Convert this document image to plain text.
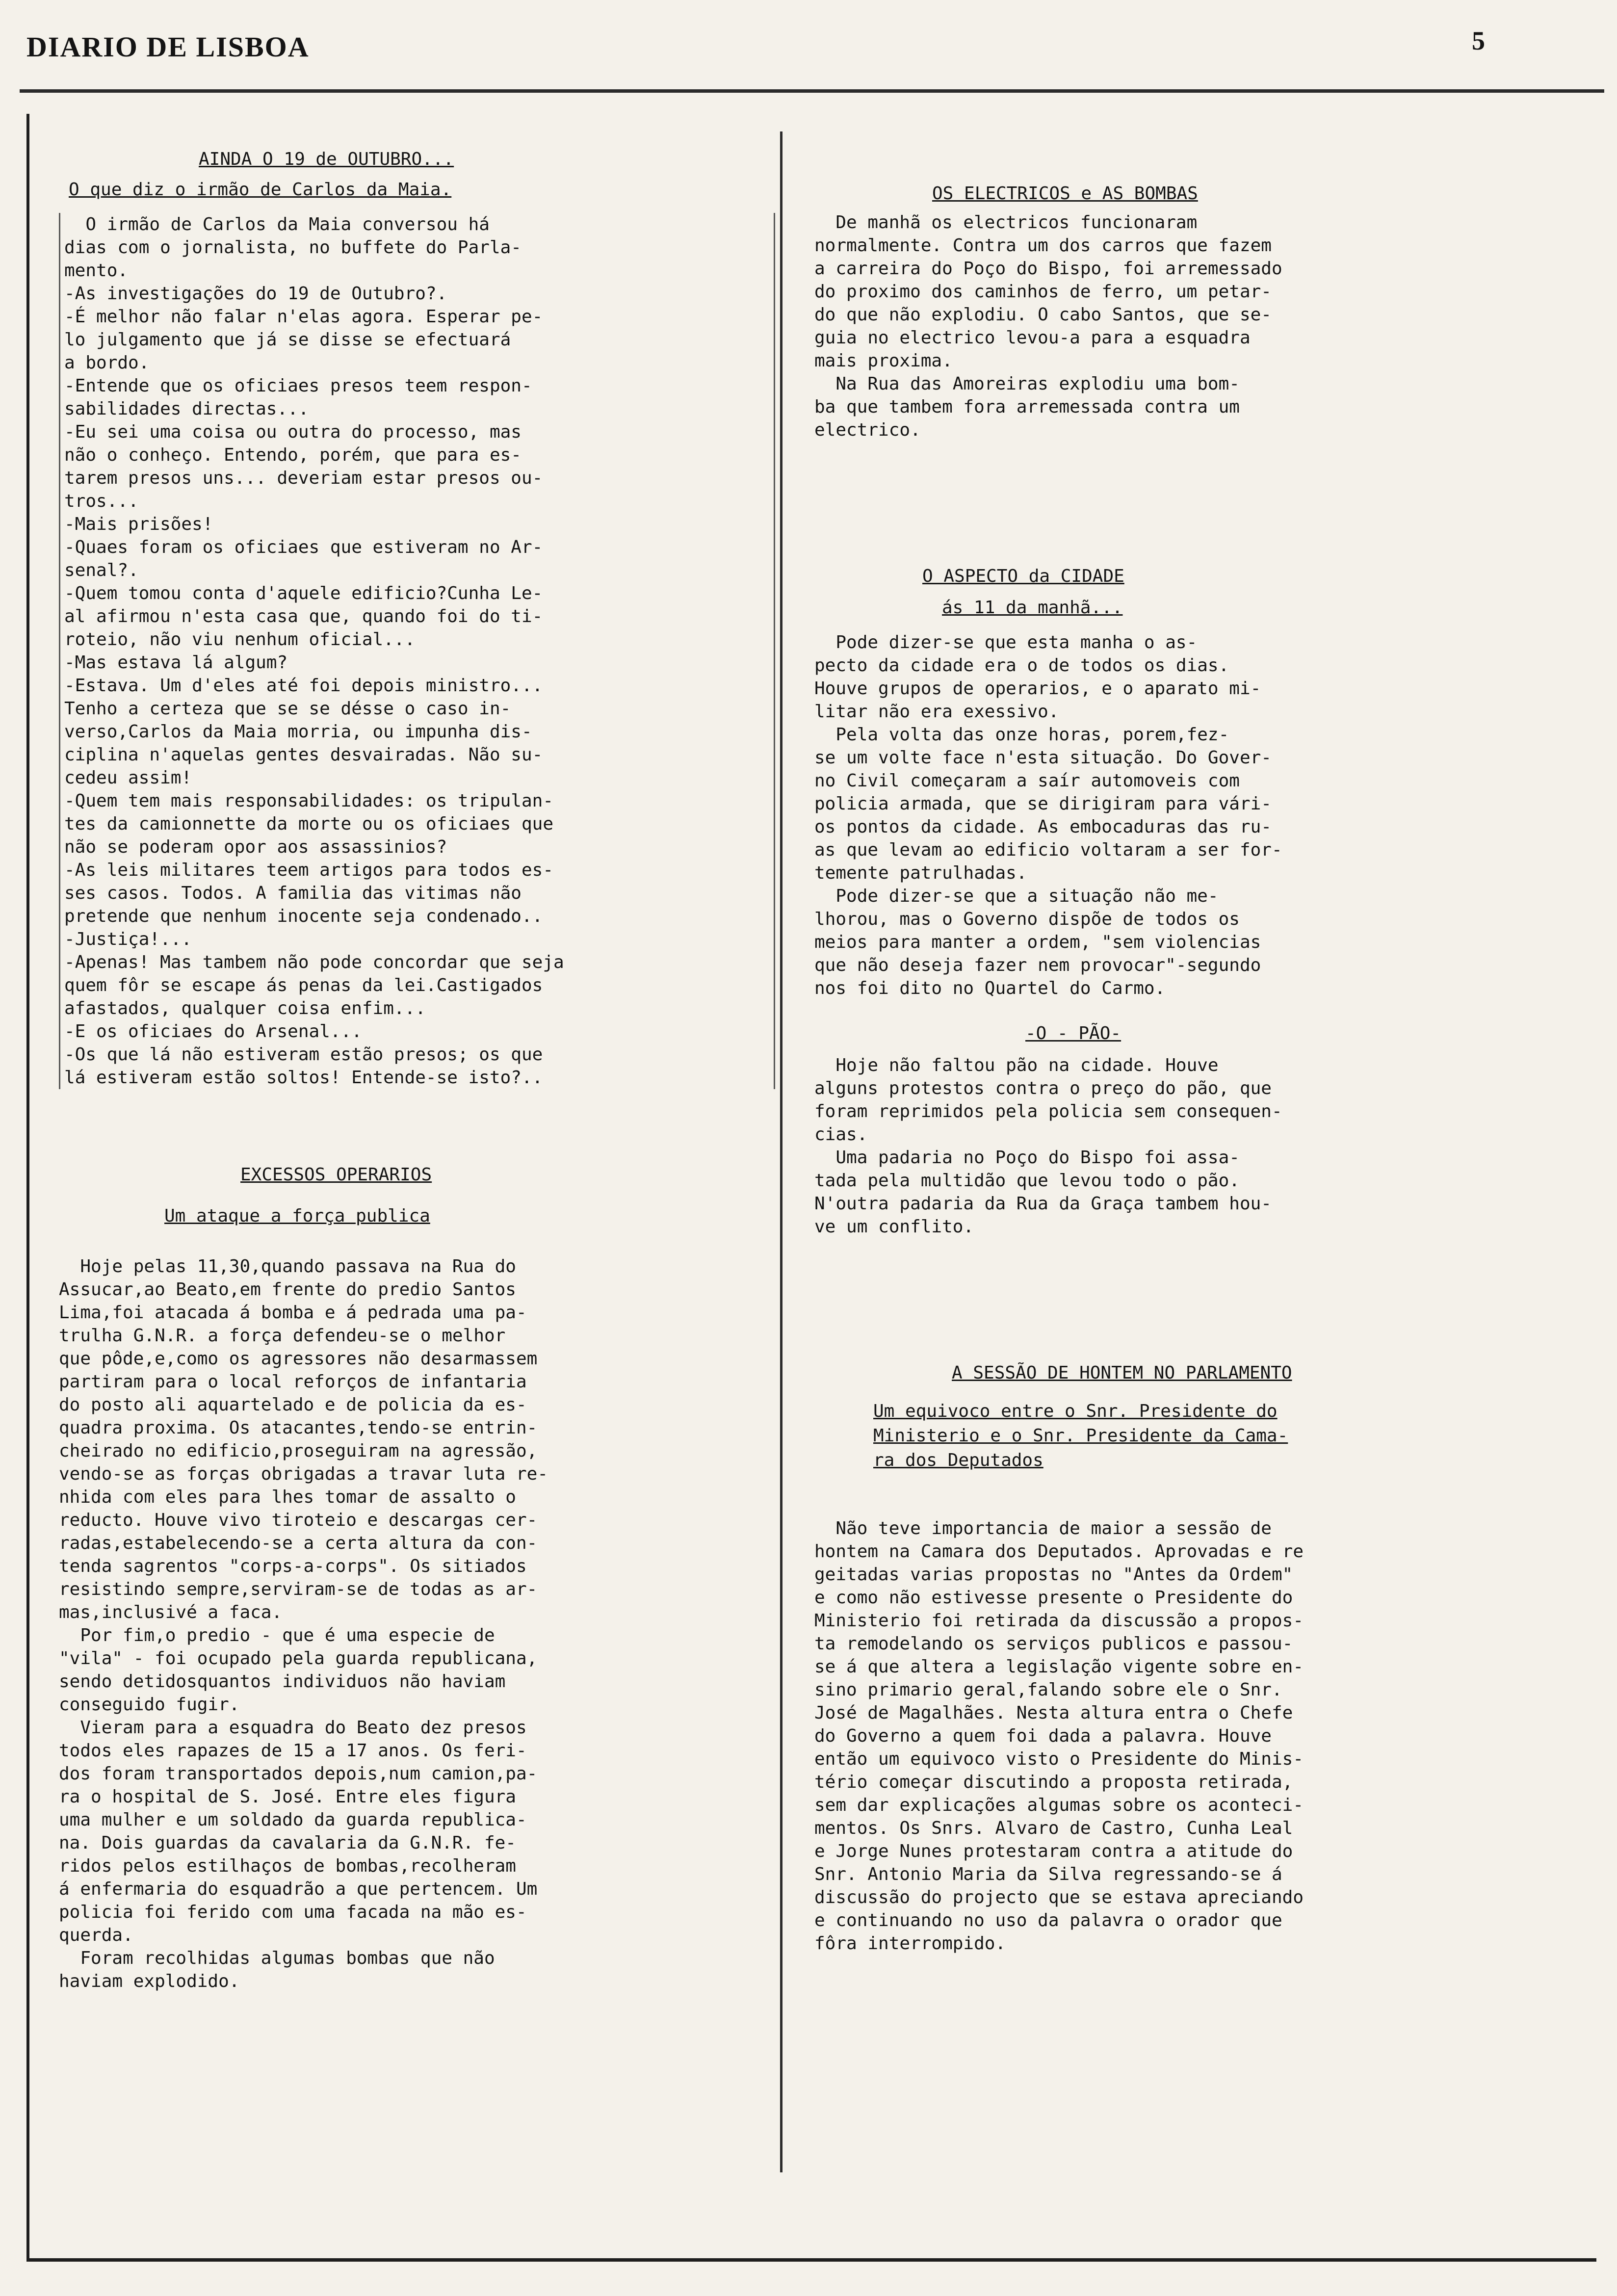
DIARIO DE LISBOA	5
AINDA O 19 de OUTUBRO...
O que diz o irmão de Carlos da Maia.
O irmão de Carlos da Maia conversou há
dias com o jornalista, no buffete do Parla-
mento.
-As investigações do 19 de Outubro?.
-É melhor não falar n'elas agora. Esperar pe-
lo julgamento que já se disse se efectuará
a bordo.
-Entende que os oficiaes presos teem respon-
sabilidades directas...
-Eu sei uma coisa ou outra do processo, mas
não o conheço. Entendo, porém, que para es-
tarem presos uns... deveriam estar presos ou-
tros...
-Mais prisões!
-Quaes foram os oficiaes que estiveram no Ar-
senal?.
-Quem tomou conta d'aquele edificio?Cunha Le-
al afirmou n'esta casa que, quando foi do ti-
roteio, não viu nenhum oficial...
-Mas estava lá algum?
-Estava. Um d'eles até foi depois ministro...
Tenho a certeza que se se désse o caso in-
verso,Carlos da Maia morria, ou impunha dis-
ciplina n'aquelas gentes desvairadas. Não su-
cedeu assim!
-Quem tem mais responsabilidades: os tripulan-
tes da camionnette da morte ou os oficiaes que
não se poderam opor aos assassinios?
-As leis militares teem artigos para todos es-
ses casos. Todos. A familia das vitimas não
pretende que nenhum inocente seja condenado..
-Justiça!...
-Apenas! Mas tambem não pode concordar que seja
quem fôr se escape ás penas da lei.Castigados
afastados, qualquer coisa enfim...
-E os oficiaes do Arsenal...
-Os que lá não estiveram estão presos; os que
lá estiveram estão soltos! Entende-se isto?..
EXCESSOS OPERARIOS
Um ataque a força publica
Hoje pelas 11,30,quando passava na Rua do
Assucar,ao Beato,em frente do predio Santos
Lima,foi atacada á bomba e á pedrada uma pa-
trulha G.N.R. a força defendeu-se o melhor
que pôde,e,como os agressores não desarmassem
partiram para o local reforços de infantaria
do posto ali aquartelado e de policia da es-
quadra proxima. Os atacantes,tendo-se entrin-
cheirado no edificio,proseguiram na agressão,
vendo-se as forças obrigadas a travar luta re-
nhida com eles para lhes tomar de assalto o
reducto. Houve vivo tiroteio e descargas cer-
radas,estabelecendo-se a certa altura da con-
tenda sagrentos "corps-a-corps". Os sitiados
resistindo sempre,serviram-se de todas as ar-
mas,inclusivé a faca.
Por fim,o predio - que é uma especie de
"vila" - foi ocupado pela guarda republicana,
sendo detidosquantos individuos não haviam
conseguido fugir.
Vieram para a esquadra do Beato dez presos
todos eles rapazes de 15 a 17 anos. Os feri-
dos foram transportados depois,num camion,pa-
ra o hospital de S. José. Entre eles figura
uma mulher e um soldado da guarda republica-
na. Dois guardas da cavalaria da G.N.R. fe-
ridos pelos estilhaços de bombas,recolheram
á enfermaria do esquadrão a que pertencem. Um
policia foi ferido com uma facada na mão es-
querda.
Foram recolhidas algumas bombas que não
haviam explodido.
OS ELECTRICOS e AS BOMBAS
De manhã os electricos funcionaram
normalmente. Contra um dos carros que fazem
a carreira do Poço do Bispo, foi arremessado
do proximo dos caminhos de ferro, um petar-
do que não explodiu. O cabo Santos, que se-
guia no electrico levou-a para a esquadra
mais proxima.
Na Rua das Amoreiras explodiu uma bom-
ba que tambem fora arremessada contra um
electrico.
O ASPECTO da CIDADE
ás 11 da manhã...
Pode dizer-se que esta manha o as-
pecto da cidade era o de todos os dias.
Houve grupos de operarios, e o aparato mi-
litar não era exessivo.
Pela volta das onze horas, porem,fez-
se um volte face n'esta situação. Do Gover-
no Civil começaram a saír automoveis com
policia armada, que se dirigiram para vári-
os pontos da cidade. As embocaduras das ru-
as que levam ao edificio voltaram a ser for-
temente patrulhadas.
Pode dizer-se que a situação não me-
lhorou, mas o Governo dispõe de todos os
meios para manter a ordem, "sem violencias
que não deseja fazer nem provocar"-segundo
nos foi dito no Quartel do Carmo.
-O - PÃO-
Hoje não faltou pão na cidade. Houve
alguns protestos contra o preço do pão, que
foram reprimidos pela policia sem consequen-
cias.
Uma padaria no Poço do Bispo foi assa-
tada pela multidão que levou todo o pão.
N'outra padaria da Rua da Graça tambem hou-
ve um conflito.
A SESSÃO DE HONTEM NO PARLAMENTO
Um equivoco entre o Snr. Presidente do
Ministerio e o Snr. Presidente da Cama-
ra dos Deputados
Não teve importancia de maior a sessão de
hontem na Camara dos Deputados. Aprovadas e re
geitadas varias propostas no "Antes da Ordem"
e como não estivesse presente o Presidente do
Ministerio foi retirada da discussão a propos-
ta remodelando os serviços publicos e passou-
se á que altera a legislação vigente sobre en-
sino primario geral,falando sobre ele o Snr.
José de Magalhães. Nesta altura entra o Chefe
do Governo a quem foi dada a palavra. Houve
então um equivoco visto o Presidente do Minis-
tério começar discutindo a proposta retirada,
sem dar explicações algumas sobre os aconteci-
mentos. Os Snrs. Alvaro de Castro, Cunha Leal
e Jorge Nunes protestaram contra a atitude do
Snr. Antonio Maria da Silva regressando-se á
discussão do projecto que se estava apreciando
e continuando no uso da palavra o orador que
fôra interrompido.
